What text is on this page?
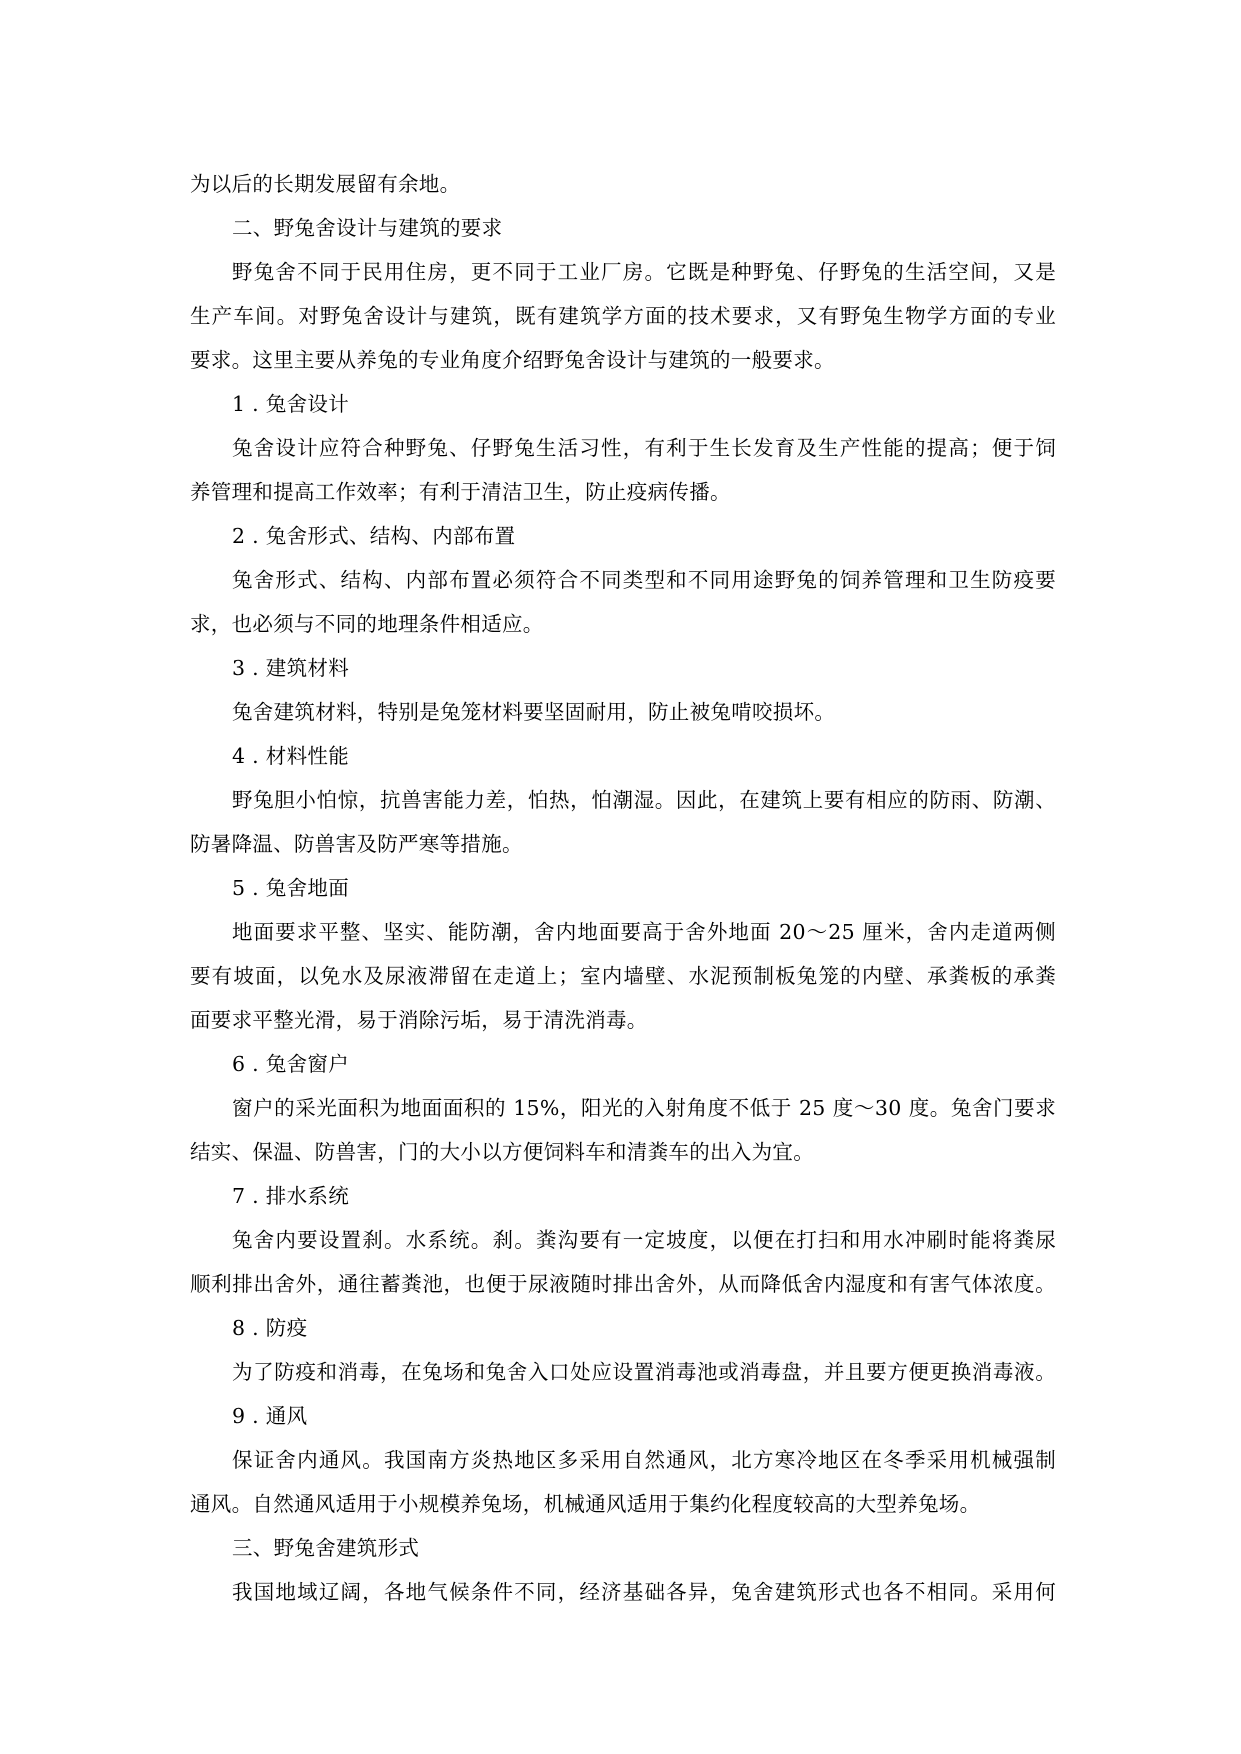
为以后的长期发展留有余地。
二、野兔舍设计与建筑的要求
野兔舍不同于民用住房，更不同于工业厂房。它既是种野兔、仔野兔的生活空间，又是
生产车间。对野兔舍设计与建筑，既有建筑学方面的技术要求，又有野兔生物学方面的专业
要求。这里主要从养兔的专业角度介绍野兔舍设计与建筑的一般要求。
1 . 兔舍设计
兔舍设计应符合种野兔、仔野兔生活习性，有利于生长发育及生产性能的提高；便于饲
养管理和提高工作效率；有利于清洁卫生，防止疫病传播。
2 . 兔舍形式、结构、内部布置
兔舍形式、结构、内部布置必须符合不同类型和不同用途野兔的饲养管理和卫生防疫要
求，也必须与不同的地理条件相适应。
3 . 建筑材料
兔舍建筑材料，特别是兔笼材料要坚固耐用，防止被兔啃咬损坏。
4 . 材料性能
野兔胆小怕惊，抗兽害能力差，怕热，怕潮湿。因此，在建筑上要有相应的防雨、防潮、
防暑降温、防兽害及防严寒等措施。
5 . 兔舍地面
地面要求平整、坚实、能防潮，舍内地面要高于舍外地面 20～25 厘米，舍内走道两侧
要有坡面，以免水及尿液滞留在走道上；室内墙壁、水泥预制板兔笼的内壁、承粪板的承粪
面要求平整光滑，易于消除污垢，易于清洗消毒。
6 . 兔舍窗户
窗户的采光面积为地面面积的 15%，阳光的入射角度不低于 25 度～30 度。兔舍门要求
结实、保温、防兽害，门的大小以方便饲料车和清粪车的出入为宜。
7 . 排水系统
兔舍内要设置刹。水系统。刹。粪沟要有一定坡度，以便在打扫和用水冲刷时能将粪尿
顺利排出舍外，通往蓄粪池，也便于尿液随时排出舍外，从而降低舍内湿度和有害气体浓度。
8 . 防疫
为了防疫和消毒，在兔场和兔舍入口处应设置消毒池或消毒盘，并且要方便更换消毒液。
9 . 通风
保证舍内通风。我国南方炎热地区多采用自然通风，北方寒冷地区在冬季采用机械强制
通风。自然通风适用于小规模养兔场，机械通风适用于集约化程度较高的大型养兔场。
三、野兔舍建筑形式
我国地域辽阔，各地气候条件不同，经济基础各异，兔舍建筑形式也各不相同。采用何
